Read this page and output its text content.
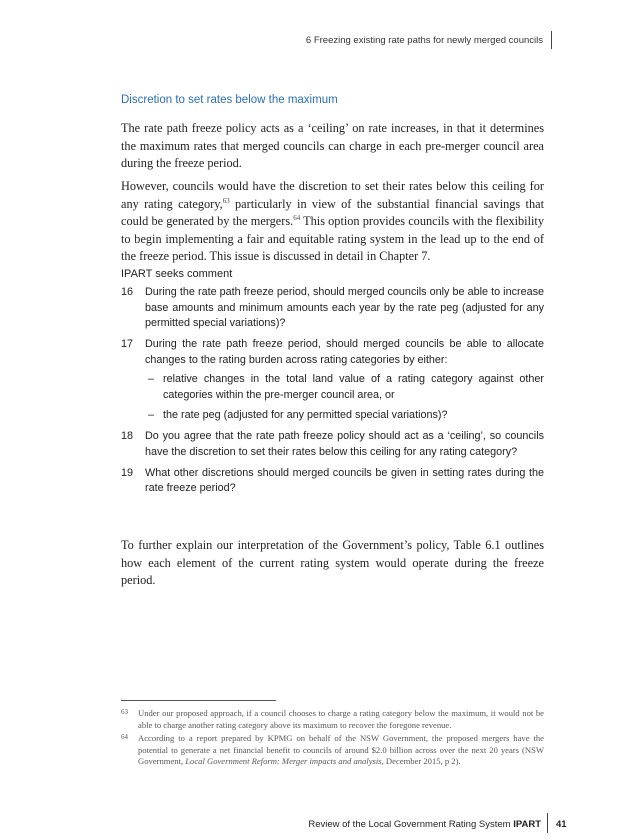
6 Freezing existing rate paths for newly merged councils
Discretion to set rates below the maximum

The rate path freeze policy acts as a ‘ceiling’ on rate increases, in that it determines the maximum rates that merged councils can charge in each pre-merger council area during the freeze period.

However, councils would have the discretion to set their rates below this ceiling for any rating category,$^{63}$ particularly in view of the substantial financial savings that could be generated by the mergers.$^{64}$ This option provides councils with the flexibility to begin implementing a fair and equitable rating system in the lead up to the end of the freeze period. This issue is discussed in detail in Chapter 7.

IPART seeks comment
16 During the rate path freeze period, should merged councils only be able to increase base amounts and minimum amounts each year by the rate peg (adjusted for any permitted special variations)?
17 During the rate path freeze period, should merged councils be able to allocate changes to the rating burden across rating categories by either:
– relative changes in the total land value of a rating category against other categories within the pre-merger council area, or
– the rate peg (adjusted for any permitted special variations)?
18 Do you agree that the rate path freeze policy should act as a ‘ceiling’, so councils have the discretion to set their rates below this ceiling for any rating category?
19 What other discretions should merged councils be given in setting rates during the rate freeze period?

To further explain our interpretation of the Government’s policy, Table 6.1 outlines how each element of the current rating system would operate during the freeze period.

63 Under our proposed approach, if a council chooses to charge a rating category below the maximum, it would not be able to charge another rating category above its maximum to recover the foregone revenue.
64 According to a report prepared by KPMG on behalf of the NSW Government, the proposed mergers have the potential to generate a net financial benefit to councils of around $2.0 billion across over the next 20 years (NSW Government, Local Government Reform: Merger impacts and analysis, December 2015, p 2).
Review of the Local Government Rating System IPART 41
